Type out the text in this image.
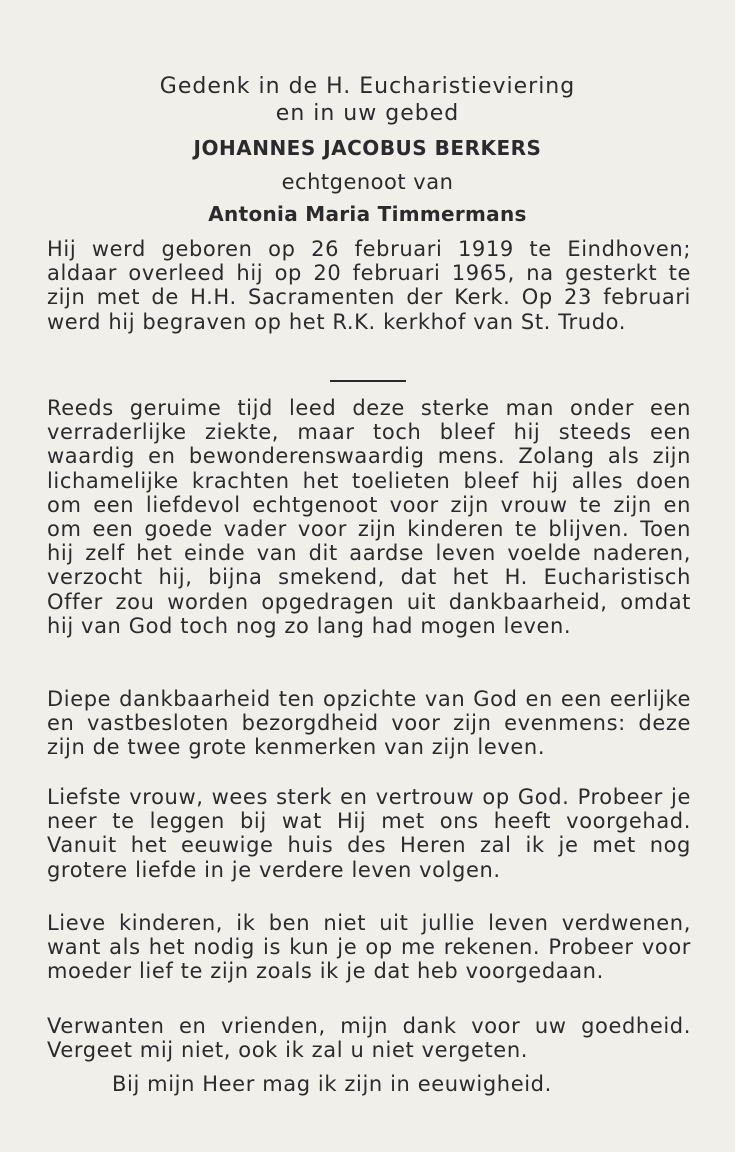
Gedenk in de H. Eucharistieviering
en in uw gebed
JOHANNES JACOBUS BERKERS
echtgenoot van
Antonia Maria Timmermans
Hij werd geboren op 26 februari 1919 te Eindhoven; aldaar overleed hij op 20 februari 1965, na gesterkt te zijn met de H.H. Sacramenten der Kerk. Op 23 februari werd hij begraven op het R.K. kerkhof van St. Trudo.
Reeds geruime tijd leed deze sterke man onder een verraderlijke ziekte, maar toch bleef hij steeds een waardig en bewonderenswaardig mens. Zolang als zijn lichamelijke krachten het toelieten bleef hij alles doen om een liefdevol echtgenoot voor zijn vrouw te zijn en om een goede vader voor zijn kinderen te blijven. Toen hij zelf het einde van dit aardse leven voelde naderen, verzocht hij, bijna smekend, dat het H. Eucharistisch Offer zou worden opgedragen uit dankbaarheid, omdat hij van God toch nog zo lang had mogen leven.
Diepe dankbaarheid ten opzichte van God en een eerlijke en vastbesloten bezorgdheid voor zijn evenmens: deze zijn de twee grote kenmerken van zijn leven.
Liefste vrouw, wees sterk en vertrouw op God. Probeer je neer te leggen bij wat Hij met ons heeft voorgehad. Vanuit het eeuwige huis des Heren zal ik je met nog grotere liefde in je verdere leven volgen.
Lieve kinderen, ik ben niet uit jullie leven verdwenen, want als het nodig is kun je op me rekenen. Probeer voor moeder lief te zijn zoals ik je dat heb voorgedaan.
Verwanten en vrienden, mijn dank voor uw goedheid. Vergeet mij niet, ook ik zal u niet vergeten.
Bij mijn Heer mag ik zijn in eeuwigheid.
